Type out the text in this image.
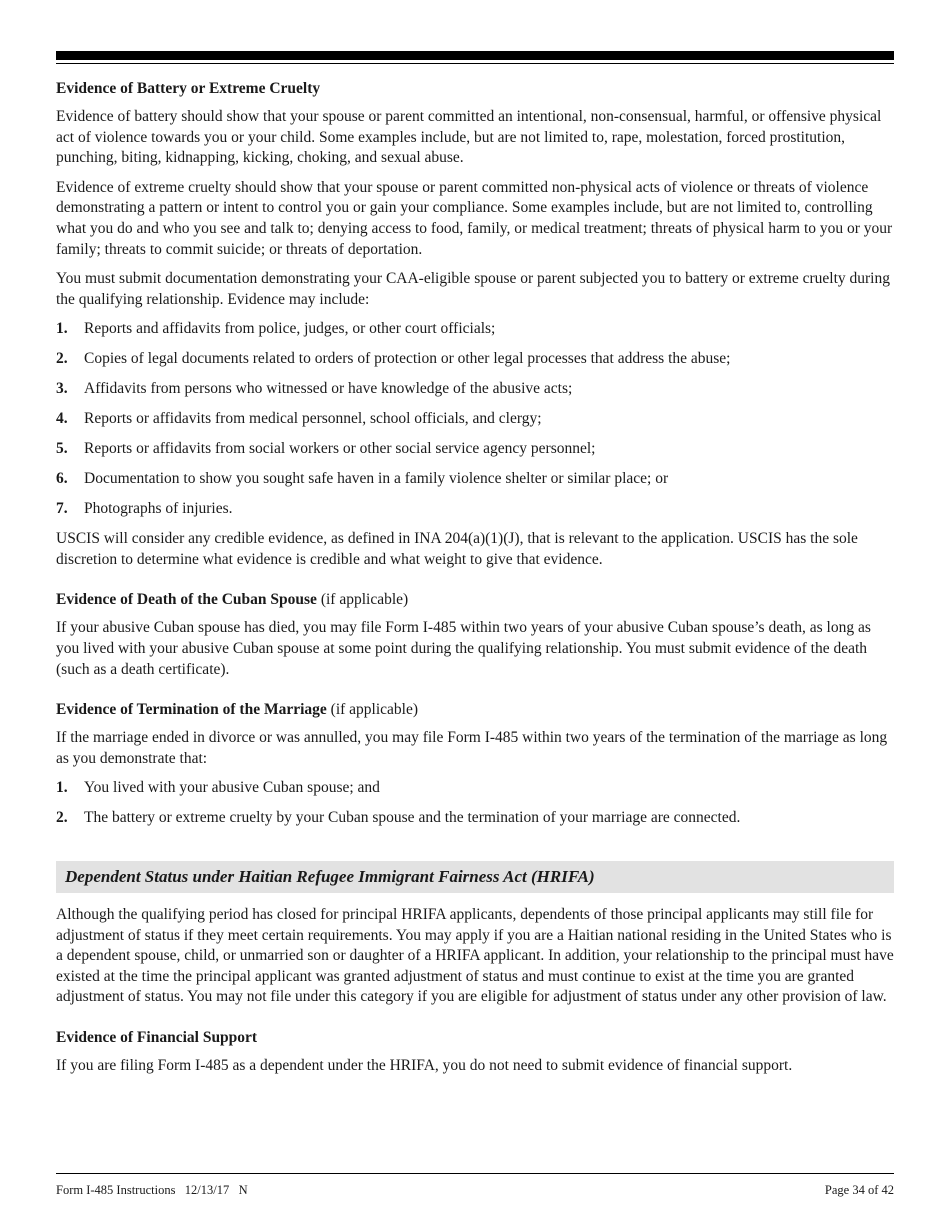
Evidence of Battery or Extreme Cruelty

Evidence of battery should show that your spouse or parent committed an intentional, non-consensual, harmful, or offensive physical act of violence towards you or your child. Some examples include, but are not limited to, rape, molestation, forced prostitution, punching, biting, kidnapping, kicking, choking, and sexual abuse.

Evidence of extreme cruelty should show that your spouse or parent committed non-physical acts of violence or threats of violence demonstrating a pattern or intent to control you or gain your compliance. Some examples include, but are not limited to, controlling what you do and who you see and talk to; denying access to food, family, or medical treatment; threats of physical harm to you or your family; threats to commit suicide; or threats of deportation.

You must submit documentation demonstrating your CAA-eligible spouse or parent subjected you to battery or extreme cruelty during the qualifying relationship. Evidence may include:

1.	Reports and affidavits from police, judges, or other court officials;
2.	Copies of legal documents related to orders of protection or other legal processes that address the abuse;
3.	Affidavits from persons who witnessed or have knowledge of the abusive acts;
4.	Reports or affidavits from medical personnel, school officials, and clergy;
5.	Reports or affidavits from social workers or other social service agency personnel;
6.	Documentation to show you sought safe haven in a family violence shelter or similar place; or
7.	Photographs of injuries.

USCIS will consider any credible evidence, as defined in INA 204(a)(1)(J), that is relevant to the application. USCIS has the sole discretion to determine what evidence is credible and what weight to give that evidence.

Evidence of Death of the Cuban Spouse (if applicable)

If your abusive Cuban spouse has died, you may file Form I-485 within two years of your abusive Cuban spouse’s death, as long as you lived with your abusive Cuban spouse at some point during the qualifying relationship. You must submit evidence of the death (such as a death certificate).

Evidence of Termination of the Marriage (if applicable)

If the marriage ended in divorce or was annulled, you may file Form I-485 within two years of the termination of the marriage as long as you demonstrate that:

1.	You lived with your abusive Cuban spouse; and
2.	The battery or extreme cruelty by your Cuban spouse and the termination of your marriage are connected.
Dependent Status under Haitian Refugee Immigrant Fairness Act (HRIFA)

Although the qualifying period has closed for principal HRIFA applicants, dependents of those principal applicants may still file for adjustment of status if they meet certain requirements. You may apply if you are a Haitian national residing in the United States who is a dependent spouse, child, or unmarried son or daughter of a HRIFA applicant. In addition, your relationship to the principal must have existed at the time the principal applicant was granted adjustment of status and must continue to exist at the time you are granted adjustment of status. You may not file under this category if you are eligible for adjustment of status under any other provision of law.

Evidence of Financial Support

If you are filing Form I-485 as a dependent under the HRIFA, you do not need to submit evidence of financial support.

Form I-485 Instructions   12/13/17   N	Page 34 of 42
